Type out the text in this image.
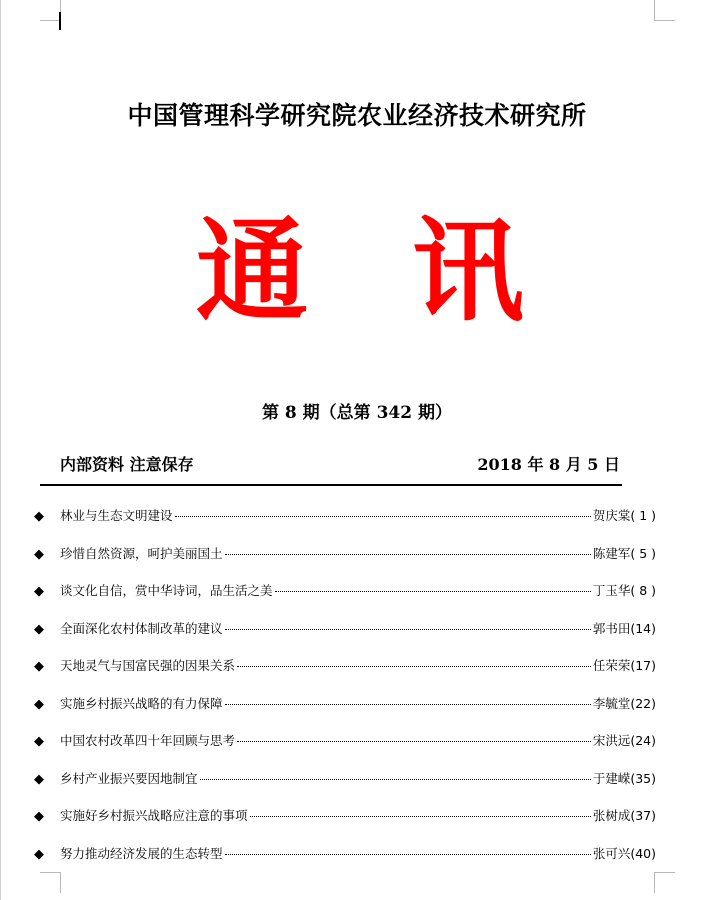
中国管理科学研究院农业经济技术研究所
通 讯
第 8 期（总第 342 期）
内部资料 注意保存	2018 年 8 月 5 日
◆	林业与生态文明建设	贺庆棠 ( 1 )
◆	珍惜自然资源，呵护美丽国土	陈建军 ( 5 )
◆	谈文化自信，赏中华诗词，品生活之美	丁玉华 ( 8 )
◆	全面深化农村体制改革的建议	郭书田 (14)
◆	天地灵气与国富民强的因果关系	任荣荣 (17)
◆	实施乡村振兴战略的有力保障	李毓堂 (22)
◆	中国农村改革四十年回顾与思考	宋洪远 (24)
◆	乡村产业振兴要因地制宜	于建嵘 (35)
◆	实施好乡村振兴战略应注意的事项	张树成 (37)
◆	努力推动经济发展的生态转型	张可兴 (40)
